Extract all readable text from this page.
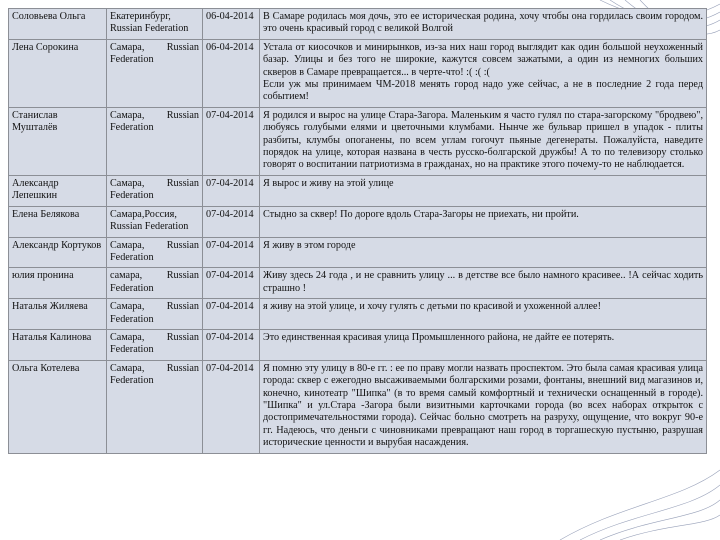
Соловьева Ольга	Екатеринбург, Russian Federation	06-04-2014	В Самаре родилась моя дочь, это ее историческая родина, хочу чтобы она гордилась своим городом. это очень красивый город с великой Волгой
Лена Сорокина	Самара, Russian Federation	06-04-2014	Устала от киосочков и минирынков, из-за них наш город выглядит как один большой неухоженный базар. Улицы и без того не широкие, кажутся совсем зажатыми, а один из немногих больших скверов в Самаре превращается... в черте-что! :( :( :(
Если уж мы принимаем ЧМ-2018 менять город надо уже сейчас, а не в последние 2 года перед событием!
Станислав Мушталёв	Самара, Russian Federation	07-04-2014	Я родился и вырос на улице Стара-Загора. Маленьким я часто гулял по стара-загорскому "бродвею", любуясь голубыми елями и цветочными клумбами. Нынче же бульвар пришел в упадок - плиты разбиты, клумбы опоганены, по всем углам гогочут пьяные дегенераты. Пожалуйста, наведите порядок на улице, которая названа в честь русско-болгарской дружбы! А то по телевизору столько говорят о воспитании патриотизма в гражданах, но на практике этого почему-то не наблюдается.
Александр Лепешкин	Самара, Russian Federation	07-04-2014	Я вырос и живу на этой улице
Елена Белякова	Самара,Россия, Russian Federation	07-04-2014	Стыдно за сквер! По дороге вдоль Стара-Загоры не приехать, ни пройти.
Александр Кортуков	Самара, Russian Federation	07-04-2014	Я живу в этом городе
юлия пронина	самара, Russian Federation	07-04-2014	Живу здесь 24 года , и не сравнить улицу ... в детстве все было намного красивее.. !А сейчас ходить страшно !
Наталья Жиляева	Самара, Russian Federation	07-04-2014	я живу на этой улице, и хочу гулять с детьми по красивой и ухоженной аллее!
Наталья Калинова	Самара, Russian Federation	07-04-2014	Это единственная красивая улица Промышленного района, не дайте ее потерять.
Ольга Котелева	Самара, Russian Federation	07-04-2014	Я помню эту улицу в 80-е гг. : ее по праву могли назвать проспектом. Это была самая красивая улица города: сквер с ежегодно высаживаемыми болгарскими розами, фонтаны, внешний вид магазинов и, конечно, кинотеатр "Шипка" (в то время самый комфортный и технически оснащенный в городе). "Шипка" и ул.Стара -Загора были визитными карточками города (во всех наборах открыток с достопримечательностями города). Сейчас больно смотреть на разруху, ощущение, что вокруг 90-е гг. Надеюсь, что деньги с чиновниками превращают наш город в торгашескую пустыню, разрушая исторические ценности и вырубая насаждения.
